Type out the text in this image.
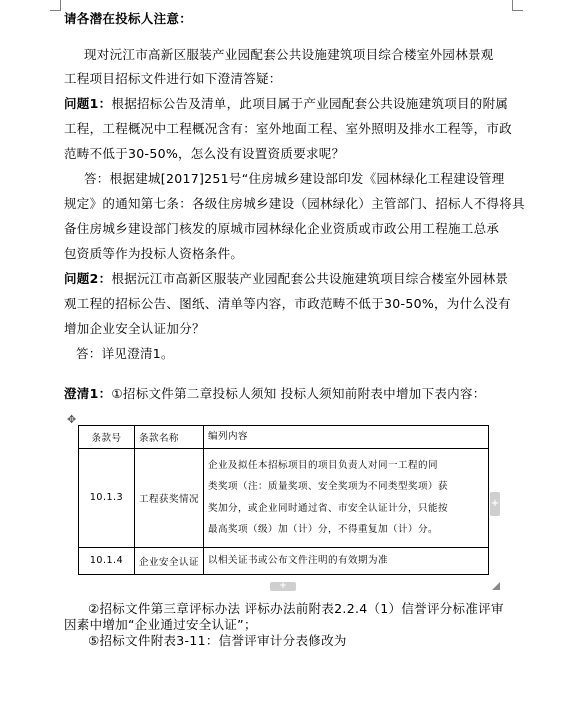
请各潜在投标人注意：
现对沅江市高新区服装产业园配套公共设施建筑项目综合楼室外园林景观
工程项目招标文件进行如下澄清答疑：
问题1：根据招标公告及清单，此项目属于产业园配套公共设施建筑项目的附属
工程，工程概况中工程概况含有：室外地面工程、室外照明及排水工程等，市政
范畴不低于30-50%，怎么没有设置资质要求呢？
答：根据建城[2017]251号“住房城乡建设部印发《园林绿化工程建设管理
规定》的通知第七条：各级住房城乡建设（园林绿化）主管部门、招标人不得将具
备住房城乡建设部门核发的原城市园林绿化企业资质或市政公用工程施工总承
包资质等作为投标人资格条件。
问题2：根据沅江市高新区服装产业园配套公共设施建筑项目综合楼室外园林景
观工程的招标公告、图纸、清单等内容，市政范畴不低于30-50%，为什么没有
增加企业安全认证加分？
答：详见澄清1。
澄清1：①招标文件第二章投标人须知 投标人须知前附表中增加下表内容：
✥
条款号	条款名称	编列内容
10.1.3	工程获奖情况	企业及拟任本招标项目的项目负责人对同一工程的同
类奖项（注：质量奖项、安全奖项为不同类型奖项）获
奖加分，或企业同时通过省、市安全认证计分，只能按
最高奖项（级）加（计）分，不得重复加（计）分。

10.1.4	企业安全认证	以相关证书或公布文件注明的有效期为准
+
+
②招标文件第三章评标办法 评标办法前附表2.2.4（1）信誉评分标准评审
因素中增加“企业通过安全认证”；
⑤招标文件附表3-11：信誉评审计分表修改为
